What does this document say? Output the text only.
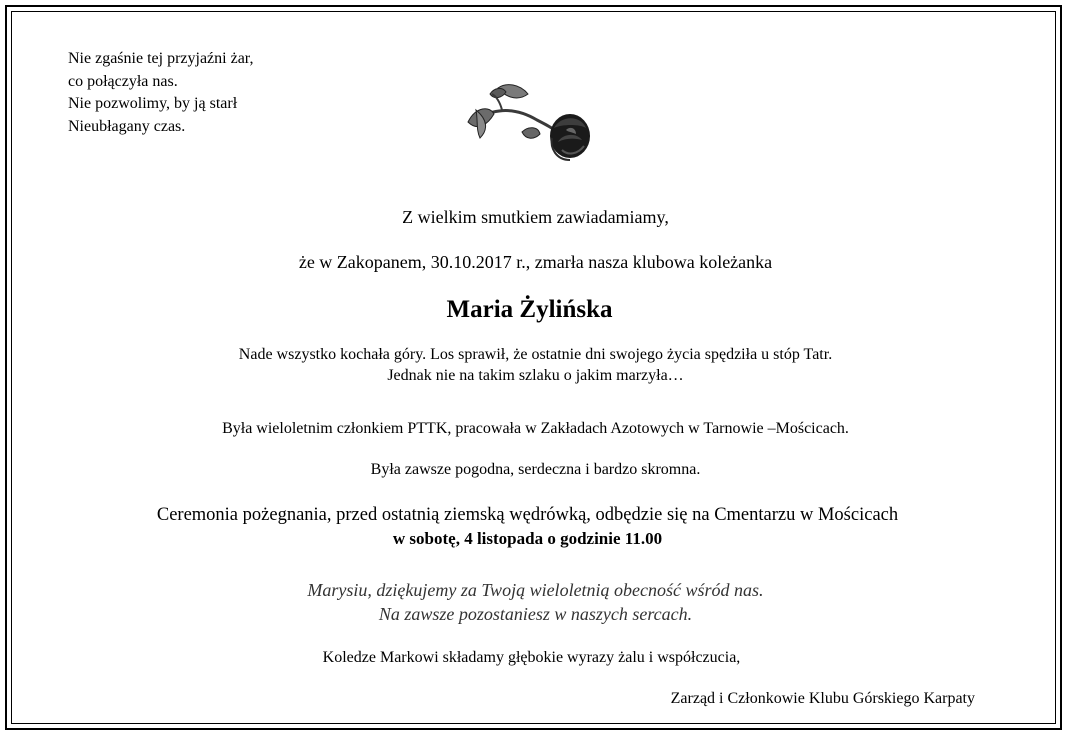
Nie zgaśnie tej przyjaźni żar,
co połączyła nas.
Nie pozwolimy, by ją starł
Nieubłagany czas.
Z wielkim smutkiem zawiadamiamy,
że w Zakopanem, 30.10.2017 r., zmarła nasza klubowa koleżanka
Maria Żylińska
Nade wszystko kochała góry. Los sprawił, że ostatnie dni swojego życia spędziła u stóp Tatr.
Jednak nie na takim szlaku o jakim marzyła…
Była wieloletnim członkiem PTTK, pracowała w Zakładach Azotowych w Tarnowie –Mościcach.
Była zawsze pogodna, serdeczna i bardzo skromna.
Ceremonia pożegnania, przed ostatnią ziemską wędrówką, odbędzie się na Cmentarzu w Mościcach
w sobotę, 4 listopada o godzinie 11.00
Marysiu, dziękujemy za Twoją wieloletnią obecność wśród nas.
Na zawsze pozostaniesz w naszych sercach.
Koledze Markowi składamy głębokie wyrazy żalu i współczucia,
Zarząd i Członkowie Klubu Górskiego Karpaty
